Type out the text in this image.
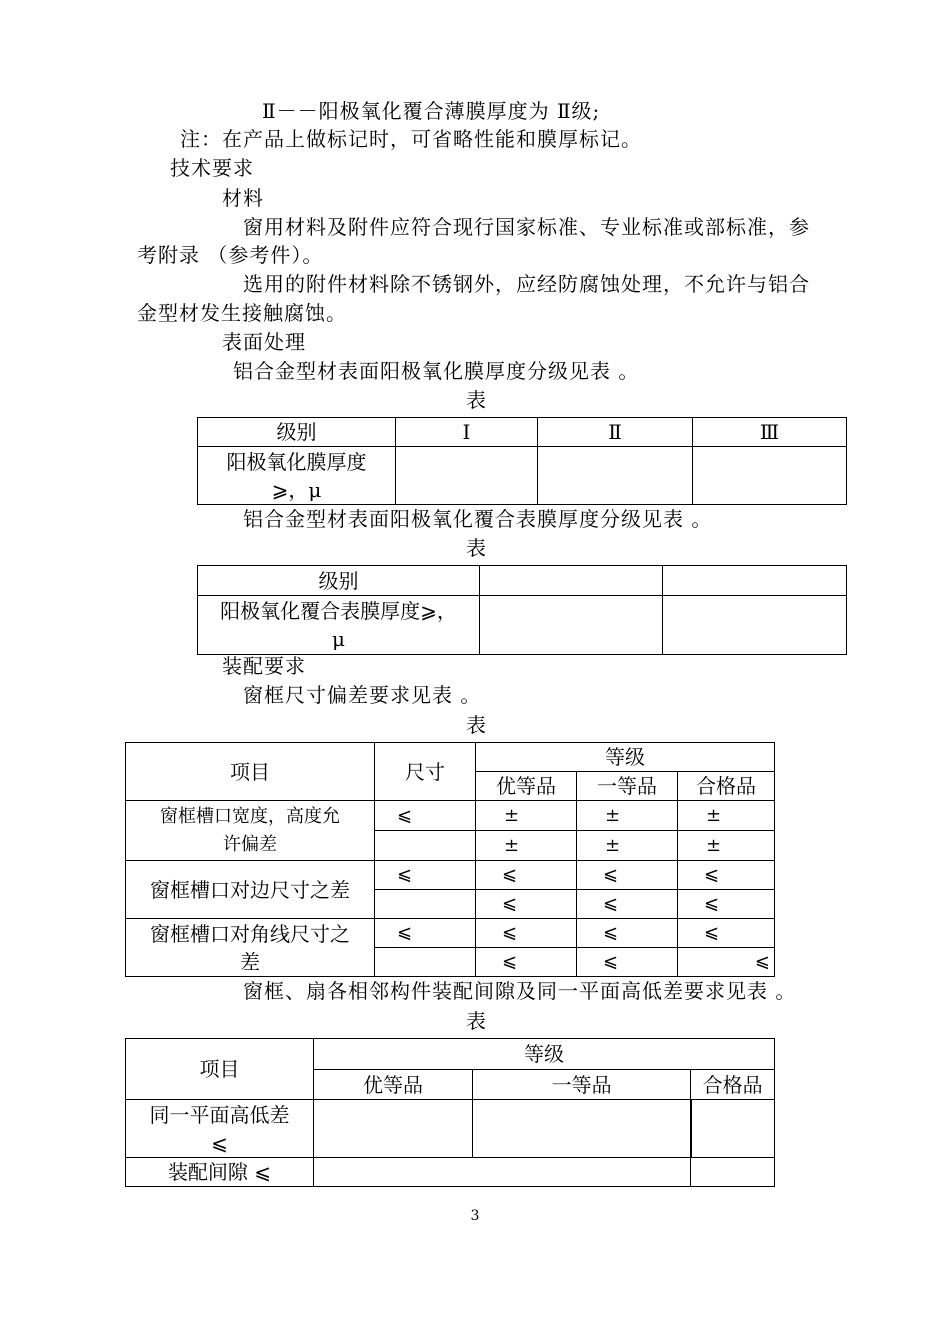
Ⅱ－－阳极氧化覆合薄膜厚度为 Ⅱ级;
注：在产品上做标记时，可省略性能和膜厚标记。
技术要求
材料
窗用材料及附件应符合现行国家标准、专业标准或部标准，参
考附录 （参考件）。
选用的附件材料除不锈钢外，应经防腐蚀处理，不允许与铝合
金型材发生接触腐蚀。
表面处理
铝合金型材表面阳极氧化膜厚度分级见表 。
表
级别	Ⅰ	Ⅱ	Ⅲ

阳极氧化膜厚度
⩾，μ			

铝合金型材表面阳极氧化覆合表膜厚度分级见表 。
表
级别		

阳极氧化覆合表膜厚度⩾，
μ		

装配要求
窗框尺寸偏差要求见表 。
表
项目	尺寸	等级		
		优等品	一等品	合格品

窗框槽口宽度，高度允
许偏差	⩽	±	±	±
		±	±	±
窗框槽口对边尺寸之差	⩽	⩽	⩽	⩽
		⩽	⩽	⩽

窗框槽口对角线尺寸之
差	⩽	⩽	⩽	⩽
		⩽	⩽	⩽
窗框、扇各相邻构件装配间隙及同一平面高低差要求见表 。
表
项目	等级		
	优等品	一等品	合格品

同一平面高低差
⩽			

装配间隙 ⩽			
3
